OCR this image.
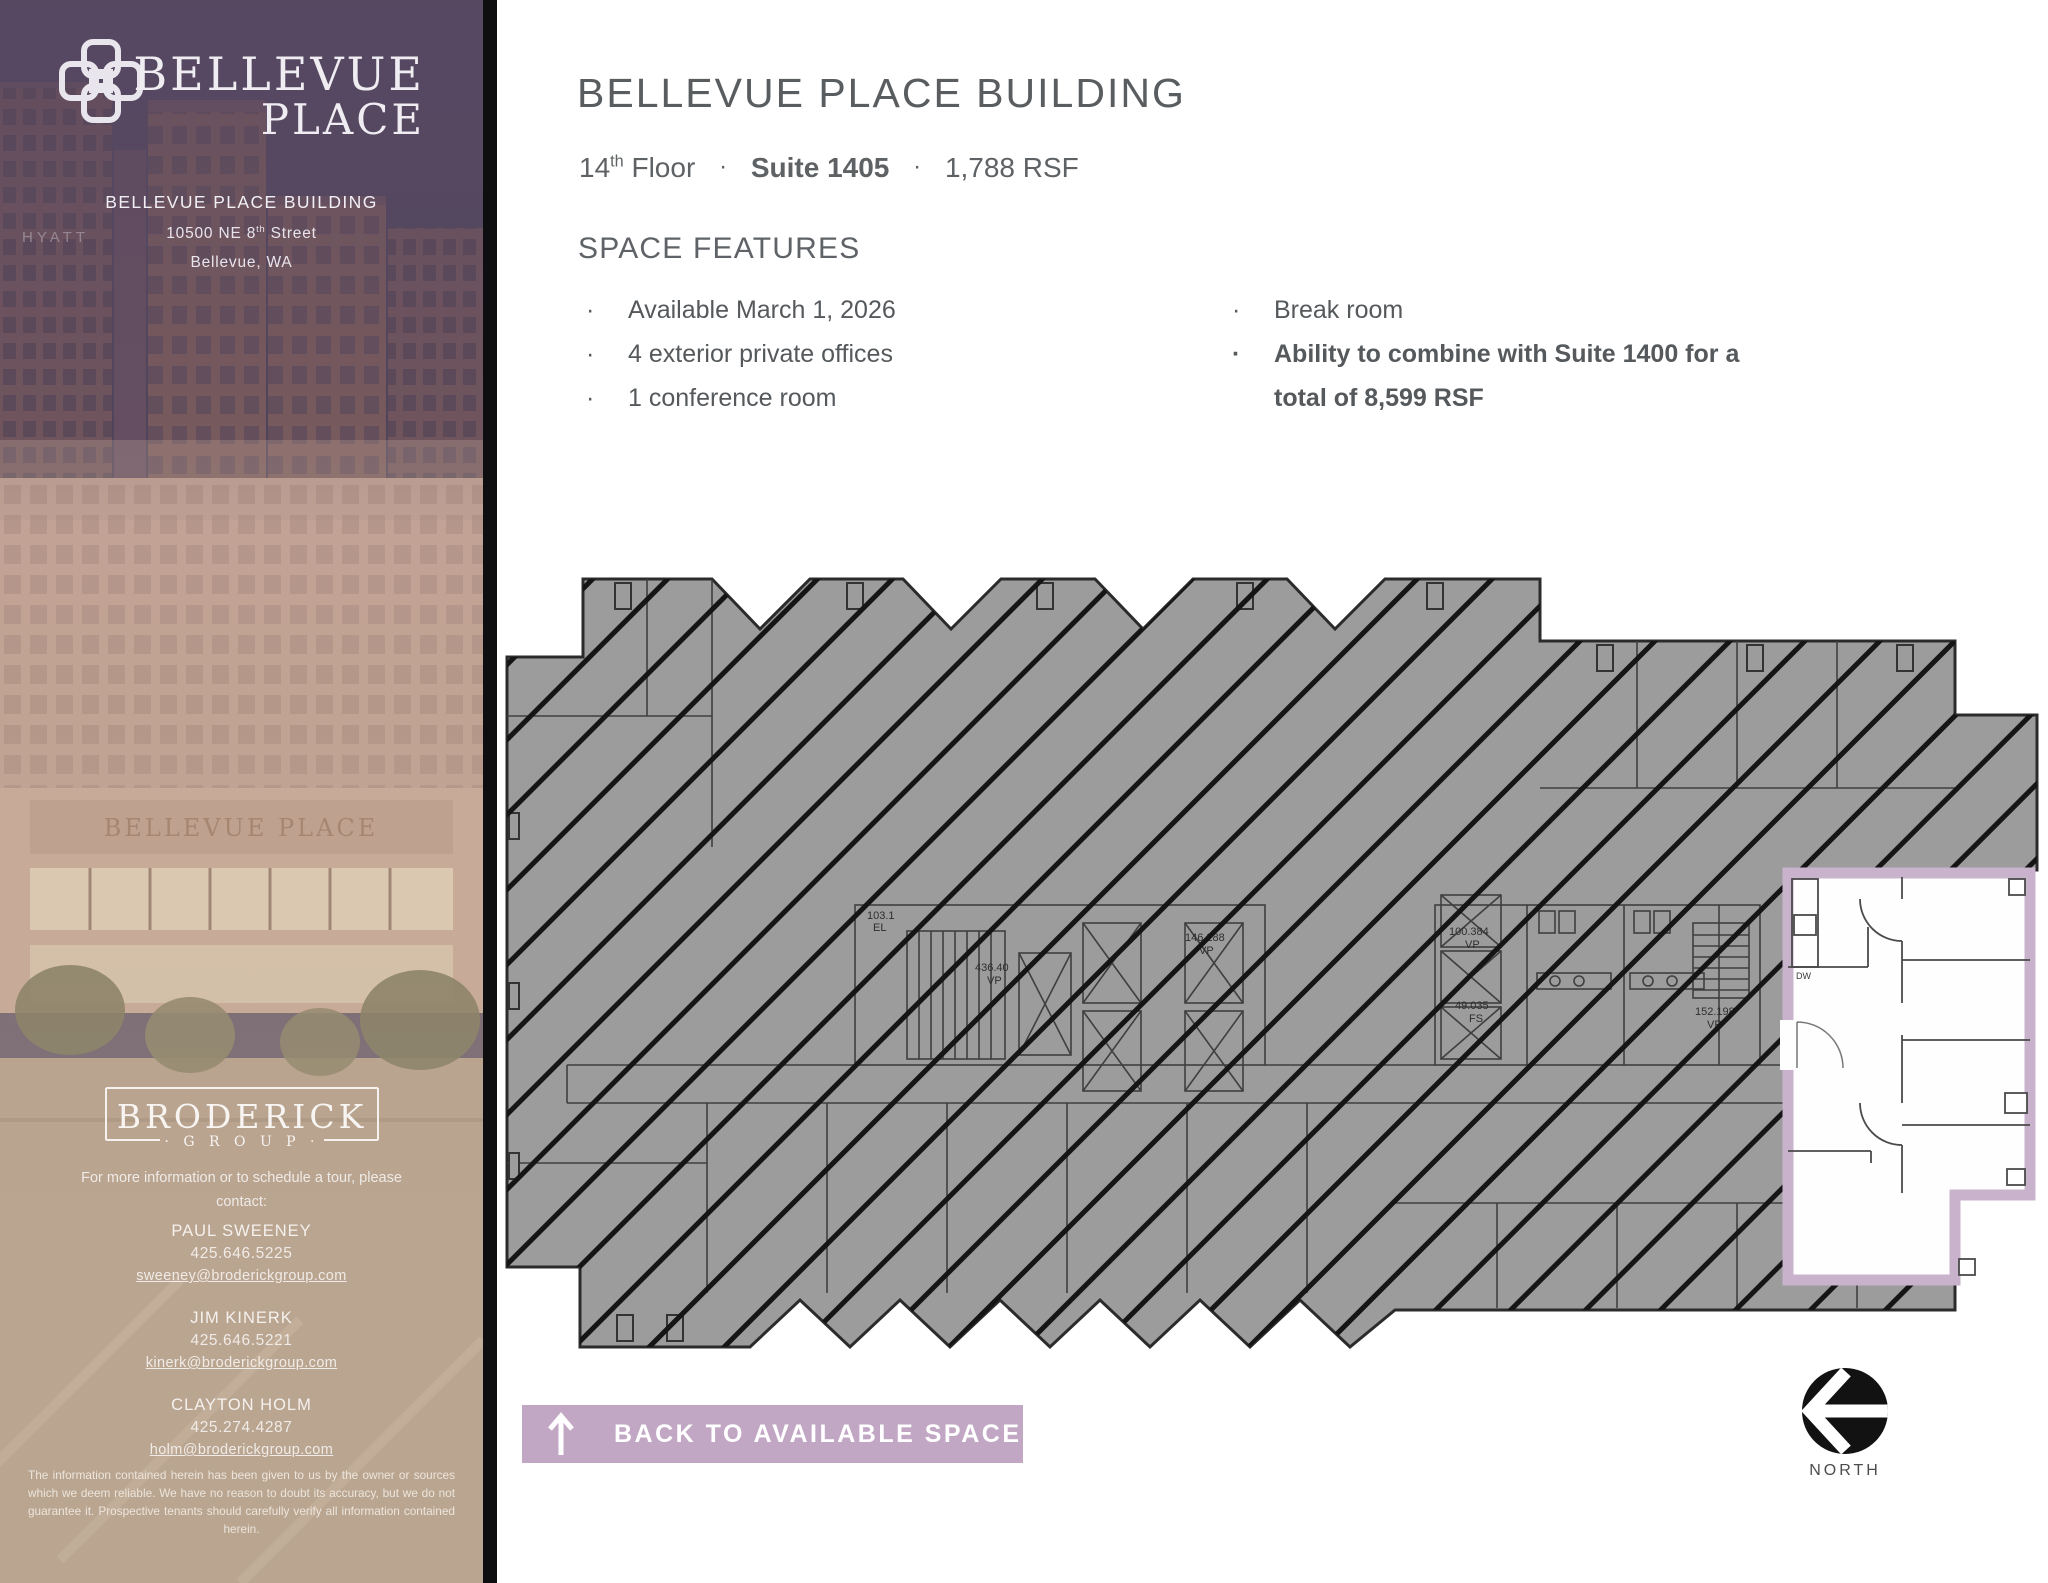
BELLEVUE
PLACE
BELLEVUE PLACE BUILDING
10500 NE 8th Street
Bellevue, WA
BRODERICK
· G R O U P ·
For more information or to schedule a tour, please
contact:
PAUL SWEENEY
425.646.5225
sweeney@broderickgroup.com
JIM KINERK
425.646.5221
kinerk@broderickgroup.com
CLAYTON HOLM
425.274.4287
holm@broderickgroup.com
The information contained herein has been given to us by the owner or sources which we deem reliable. We have no reason to doubt its accuracy, but we do not guarantee it. Prospective tenants should carefully verify all information contained herein.
BELLEVUE PLACE BUILDING
14th Floor · Suite 1405 · 1,788 RSF
SPACE FEATURES
· Available March 1, 2026
· 4 exterior private offices
· 1 conference room
· Break room
· Ability to combine with Suite 1400 for a total of 8,599 RSF
DW
BACK TO AVAILABLE SPACE
NORTH
